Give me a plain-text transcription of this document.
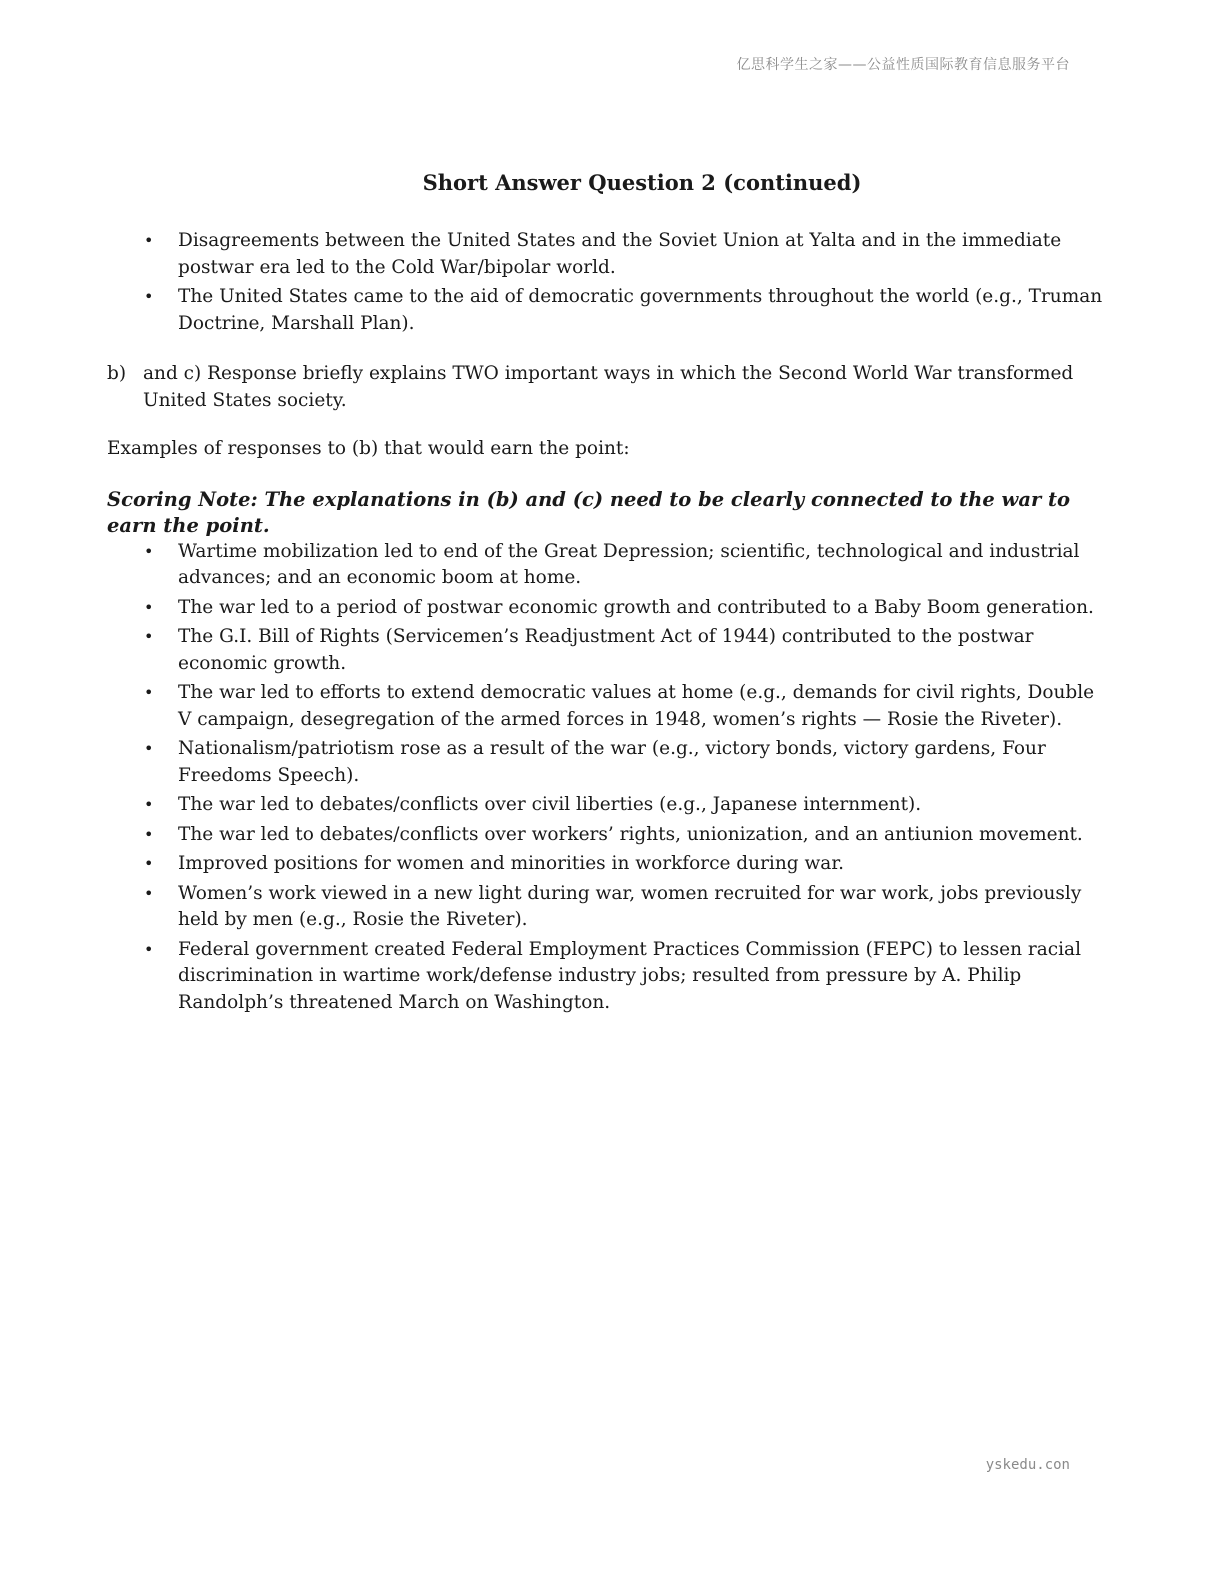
亿思科学生之家——公益性质国际教育信息服务平台
Short Answer Question 2 (continued)
• Disagreements between the United States and the Soviet Union at Yalta and in the immediate postwar era led to the Cold War/bipolar world.
• The United States came to the aid of democratic governments throughout the world (e.g., Truman Doctrine, Marshall Plan).
b) and c) Response briefly explains TWO important ways in which the Second World War transformed United States society.
Examples of responses to (b) that would earn the point:
Scoring Note: The explanations in (b) and (c) need to be clearly connected to the war to earn the point.
• Wartime mobilization led to end of the Great Depression; scientific, technological and industrial advances; and an economic boom at home.
• The war led to a period of postwar economic growth and contributed to a Baby Boom generation.
• The G.I. Bill of Rights (Servicemen’s Readjustment Act of 1944) contributed to the postwar economic growth.
• The war led to efforts to extend democratic values at home (e.g., demands for civil rights, Double V campaign, desegregation of the armed forces in 1948, women’s rights — Rosie the Riveter).
• Nationalism/patriotism rose as a result of the war (e.g., victory bonds, victory gardens, Four Freedoms Speech).
• The war led to debates/conflicts over civil liberties (e.g., Japanese internment).
• The war led to debates/conflicts over workers’ rights, unionization, and an antiunion movement.
• Improved positions for women and minorities in workforce during war.
• Women’s work viewed in a new light during war, women recruited for war work, jobs previously held by men (e.g., Rosie the Riveter).
• Federal government created Federal Employment Practices Commission (FEPC) to lessen racial discrimination in wartime work/defense industry jobs; resulted from pressure by A. Philip Randolph’s threatened March on Washington.
yskedu.con
